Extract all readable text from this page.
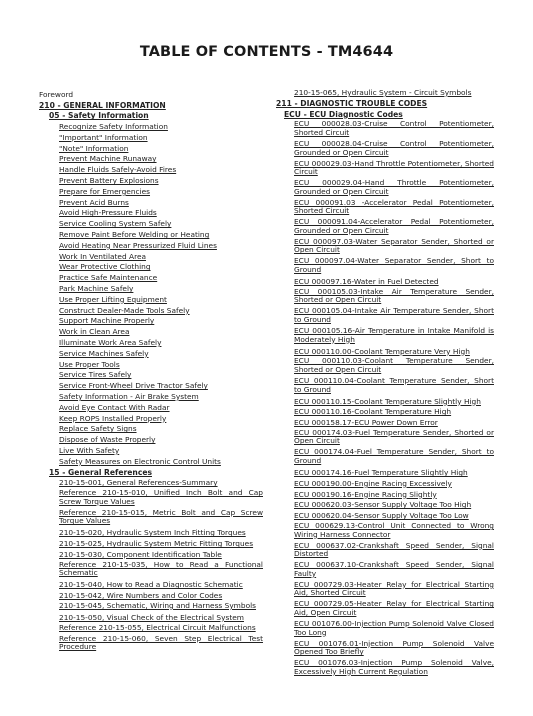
TABLE OF CONTENTS - TM4644
Foreword
210 - GENERAL INFORMATION
05 - Safety Information
Recognize Safety Information
"Important" Information
"Note" Information
Prevent Machine Runaway
Handle Fluids Safely-Avoid Fires
Prevent Battery Explosions
Prepare for Emergencies
Prevent Acid Burns
Avoid High-Pressure Fluids
Service Cooling System Safely
Remove Paint Before Welding or Heating
Avoid Heating Near Pressurized Fluid Lines
Work In Ventilated Area
Wear Protective Clothing
Practice Safe Maintenance
Park Machine Safely
Use Proper Lifting Equipment
Construct Dealer-Made Tools Safely
Support Machine Properly
Work in Clean Area
Illuminate Work Area Safely
Service Machines Safely
Use Proper Tools
Service Tires Safely
Service Front-Wheel Drive Tractor Safely
Safety Information - Air Brake System
Avoid Eye Contact With Radar
Keep ROPS Installed Properly
Replace Safety Signs
Dispose of Waste Properly
Live With Safety
Safety Measures on Electronic Control Units
15 - General References
210-15-001, General References-Summary
Reference 210-15-010, Unified Inch Bolt and Cap Screw Torque Values
Reference 210-15-015, Metric Bolt and Cap Screw Torque Values
210-15-020, Hydraulic System Inch Fitting Torques
210-15-025, Hydraulic System Metric Fitting Torques
210-15-030, Component Identification Table
Reference 210-15-035, How to Read a Functional Schematic
210-15-040, How to Read a Diagnostic Schematic
210-15-042, Wire Numbers and Color Codes
210-15-045, Schematic, Wiring and Harness Symbols
210-15-050, Visual Check of the Electrical System
Reference 210-15-055, Electrical Circuit Malfunctions
Reference 210-15-060, Seven Step Electrical Test Procedure
210-15-065, Hydraulic System - Circuit Symbols
211 - DIAGNOSTIC TROUBLE CODES
ECU - ECU Diagnostic Codes
ECU 000028.03-Cruise Control Potentiometer, Shorted Circuit
ECU 000028.04-Cruise Control Potentiometer, Grounded or Open Circuit
ECU 000029.03-Hand Throttle Potentiometer, Shorted Circuit
ECU 000029.04-Hand Throttle Potentiometer, Grounded or Open Circuit
ECU 000091.03 -Accelerator Pedal Potentiometer, Shorted Circuit
ECU 000091.04-Accelerator Pedal Potentiometer, Grounded or Open Circuit
ECU 000097.03-Water Separator Sender, Shorted or Open Circuit
ECU 000097.04-Water Separator Sender, Short to Ground
ECU 000097.16-Water in Fuel Detected
ECU 000105.03-Intake Air Temperature Sender, Shorted or Open Circuit
ECU 000105.04-Intake Air Temperature Sender, Short to Ground
ECU 000105.16-Air Temperature in Intake Manifold is Moderately High
ECU 000110.00-Coolant Temperature Very High
ECU 000110.03-Coolant Temperature Sender, Shorted or Open Circuit
ECU 000110.04-Coolant Temperature Sender, Short to Ground
ECU 000110.15-Coolant Temperature Slightly High
ECU 000110.16-Coolant Temperature High
ECU 000158.17-ECU Power Down Error
ECU 000174.03-Fuel Temperature Sender, Shorted or Open Circuit
ECU 000174.04-Fuel Temperature Sender, Short to Ground
ECU 000174.16-Fuel Temperature Slightly High
ECU 000190.00-Engine Racing Excessively
ECU 000190.16-Engine Racing Slightly
ECU 000620.03-Sensor Supply Voltage Too High
ECU 000620.04-Sensor Supply Voltage Too Low
ECU 000629.13-Control Unit Connected to Wrong Wiring Harness Connector
ECU 000637.02-Crankshaft Speed Sender, Signal Distorted
ECU 000637.10-Crankshaft Speed Sender, Signal Faulty
ECU 000729.03-Heater Relay for Electrical Starting Aid, Shorted Circuit
ECU 000729.05-Heater Relay for Electrical Starting Aid, Open Circuit
ECU 001076.00-Injection Pump Solenoid Valve Closed Too Long
ECU 001076.01-Injection Pump Solenoid Valve Opened Too Briefly
ECU 001076.03-Injection Pump Solenoid Valve, Excessively High Current Regulation
